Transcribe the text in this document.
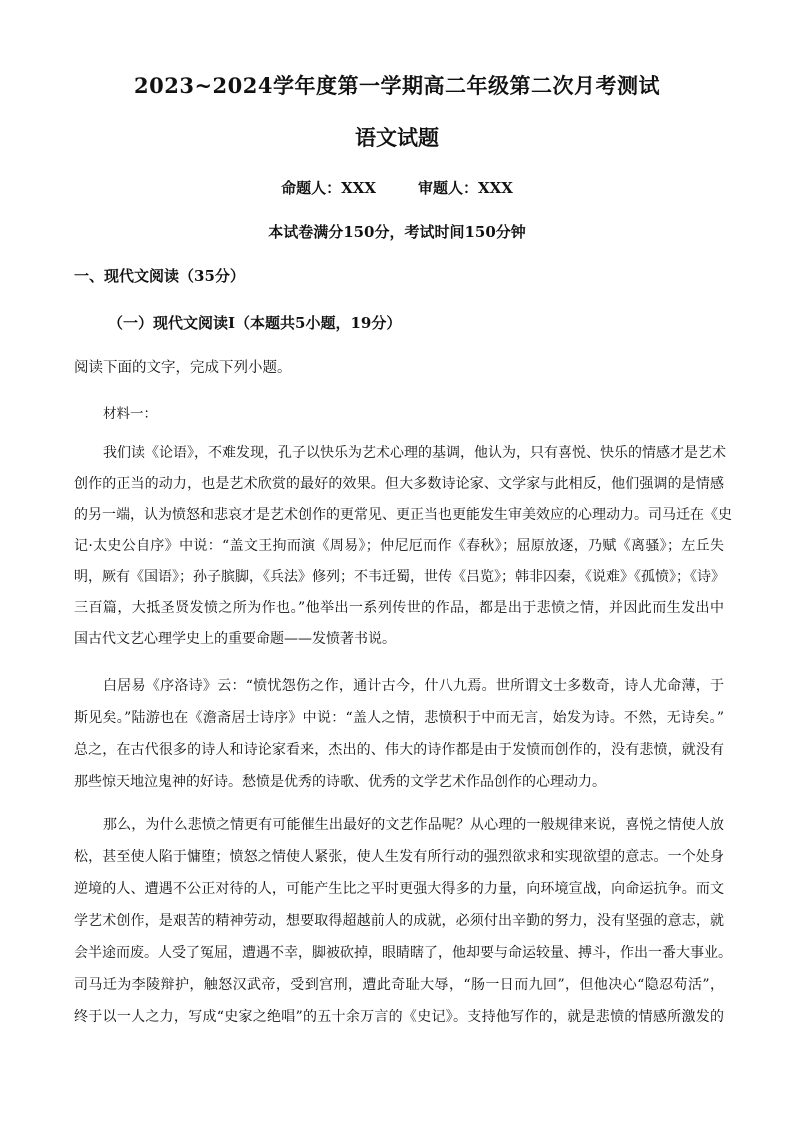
2023~2024学年度第一学期高二年级第二次月考测试
语文试题
命题人：XXX	审题人：XXX
本试卷满分150分，考试时间150分钟
一、现代文阅读（35分）
（一）现代文阅读Ⅰ（本题共5小题，19分）
阅读下面的文字，完成下列小题。
材料一：
我们读《论语》，不难发现，孔子以快乐为艺术心理的基调，他认为，只有喜悦、快乐的情感才是艺术
创作的正当的动力，也是艺术欣赏的最好的效果。但大多数诗论家、文学家与此相反，他们强调的是情感
的另一端，认为愤怒和悲哀才是艺术创作的更常见、更正当也更能发生审美效应的心理动力。司马迁在《史
记·太史公自序》中说：“盖文王拘而演《周易》；仲尼厄而作《春秋》；屈原放逐，乃赋《离骚》；左丘失
明，厥有《国语》；孙子膑脚，《兵法》修列；不韦迁蜀，世传《吕览》；韩非囚秦，《说难》《孤愤》；《诗》
三百篇，大抵圣贤发愤之所为作也。”他举出一系列传世的作品，都是出于悲愤之情，并因此而生发出中
国古代文艺心理学史上的重要命题——发愤著书说。
白居易《序洛诗》云：“愤忧怨伤之作，通计古今，什八九焉。世所谓文士多数奇，诗人尤命薄，于
斯见矣。”陆游也在《澹斋居士诗序》中说：“盖人之情，悲愤积于中而无言，始发为诗。不然，无诗矣。”
总之，在古代很多的诗人和诗论家看来，杰出的、伟大的诗作都是由于发愤而创作的，没有悲愤，就没有
那些惊天地泣鬼神的好诗。愁愤是优秀的诗歌、优秀的文学艺术作品创作的心理动力。
那么，为什么悲愤之情更有可能催生出最好的文艺作品呢？从心理的一般规律来说，喜悦之情使人放
松，甚至使人陷于慵堕；愤怒之情使人紧张，使人生发有所行动的强烈欲求和实现欲望的意志。一个处身
逆境的人、遭遇不公正对待的人，可能产生比之平时更强大得多的力量，向环境宣战，向命运抗争。而文
学艺术创作，是艰苦的精神劳动，想要取得超越前人的成就，必须付出辛勤的努力，没有坚强的意志，就
会半途而废。人受了冤屈，遭遇不幸，脚被砍掉，眼睛瞎了，他却要与命运较量、搏斗，作出一番大事业。
司马迁为李陵辩护，触怒汉武帝，受到宫刑，遭此奇耻大辱，“肠一日而九回”，但他决心“隐忍苟活”，
终于以一人之力，写成“史家之绝唱”的五十余万言的《史记》。支持他写作的，就是悲愤的情感所激发的
